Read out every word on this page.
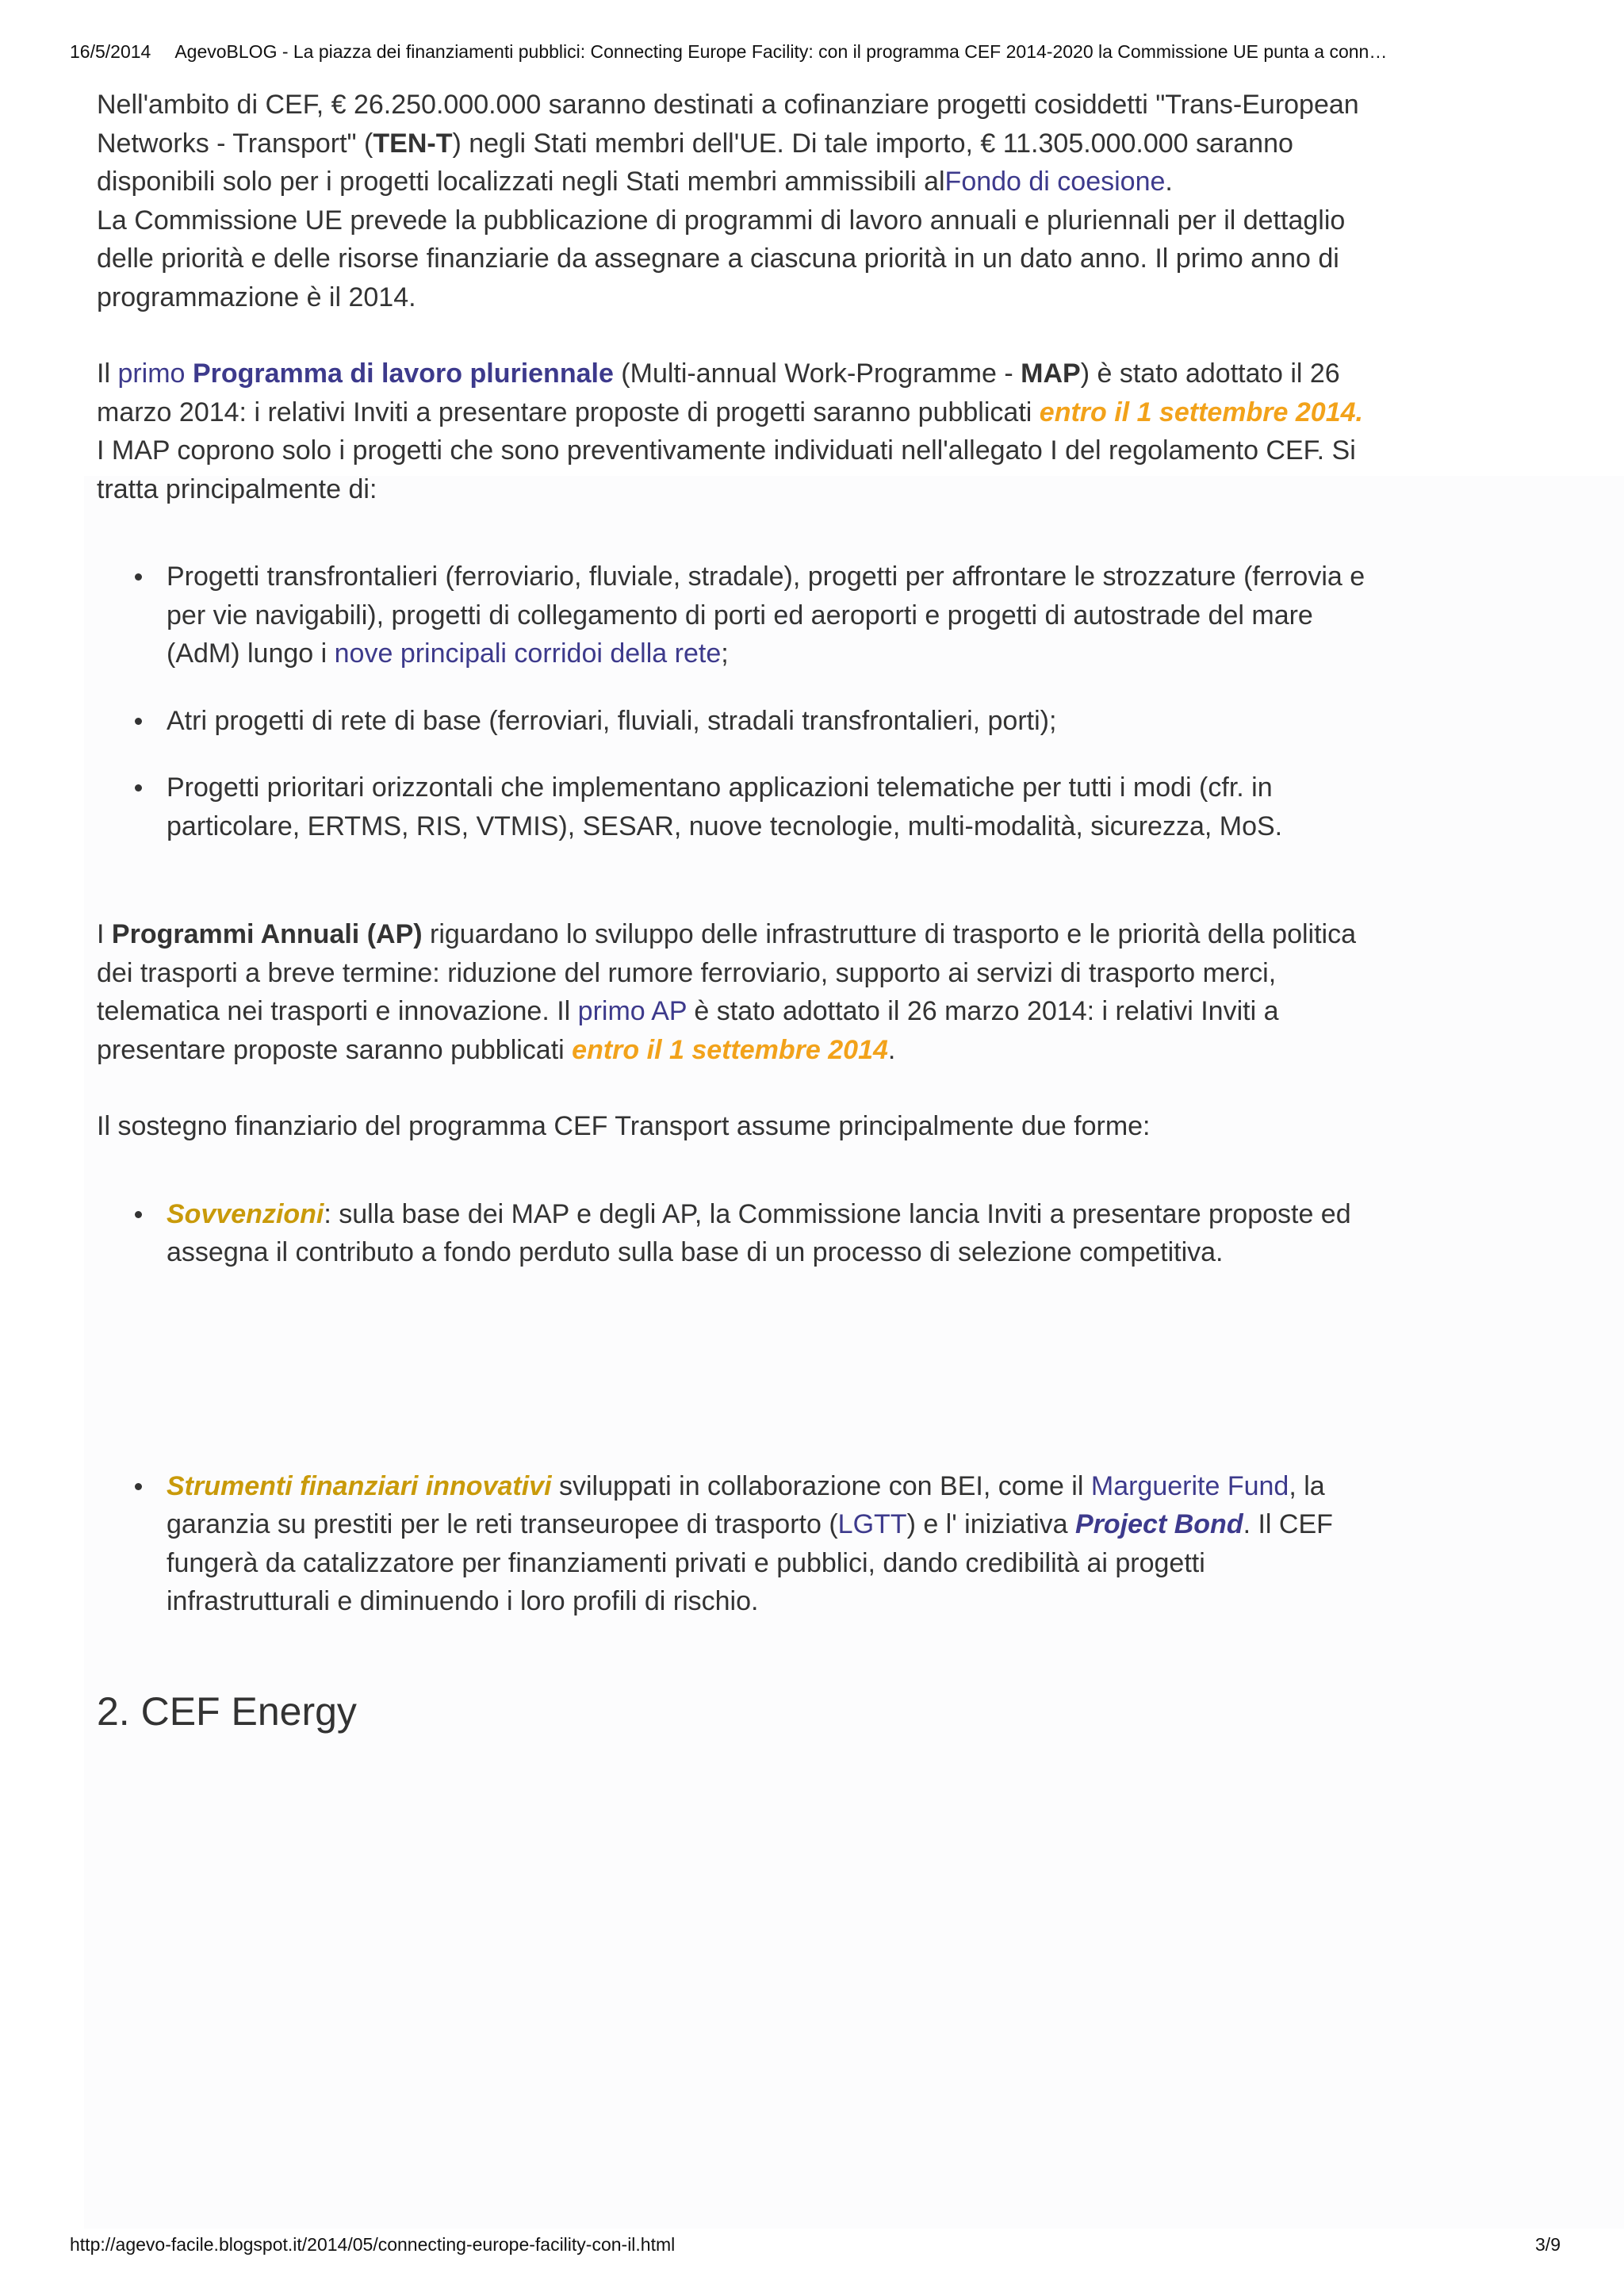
16/5/2014 AgevoBLOG - La piazza dei finanziamenti pubblici: Connecting Europe Facility: con il programma CEF 2014-2020 la Commissione UE punta a conn…

Nell'ambito di CEF, € 26.250.000.000 saranno destinati a cofinanziare progetti cosiddetti "Trans-European Networks - Transport" (TEN-T) negli Stati membri dell'UE. Di tale importo, € 11.305.000.000 saranno disponibili solo per i progetti localizzati negli Stati membri ammissibili alFondo di coesione.

La Commissione UE prevede la pubblicazione di programmi di lavoro annuali e pluriennali per il dettaglio delle priorità e delle risorse finanziarie da assegnare a ciascuna priorità in un dato anno. Il primo anno di programmazione è il 2014.

Il primo Programma di lavoro pluriennale (Multi-annual Work-Programme - MAP) è stato adottato il 26 marzo 2014: i relativi Inviti a presentare proposte di progetti saranno pubblicati entro il 1 settembre 2014.

I MAP coprono solo i progetti che sono preventivamente individuati nell'allegato I del regolamento CEF. Si tratta principalmente di:

Progetti transfrontalieri (ferroviario, fluviale, stradale), progetti per affrontare le strozzature (ferrovia e per vie navigabili), progetti di collegamento di porti ed aeroporti e progetti di autostrade del mare (AdM) lungo i nove principali corridoi della rete;
Atri progetti di rete di base (ferroviari, fluviali, stradali transfrontalieri, porti);
Progetti prioritari orizzontali che implementano applicazioni telematiche per tutti i modi (cfr. in particolare, ERTMS, RIS, VTMIS), SESAR, nuove tecnologie, multi-modalità, sicurezza, MoS.

I Programmi Annuali (AP) riguardano lo sviluppo delle infrastrutture di trasporto e le priorità della politica dei trasporti a breve termine: riduzione del rumore ferroviario, supporto ai servizi di trasporto merci, telematica nei trasporti e innovazione. Il primo AP è stato adottato il 26 marzo 2014: i relativi Inviti a presentare proposte saranno pubblicati entro il 1 settembre 2014.

Il sostegno finanziario del programma CEF Transport assume principalmente due forme:

Sovvenzioni: sulla base dei MAP e degli AP, la Commissione lancia Inviti a presentare proposte ed assegna il contributo a fondo perduto sulla base di un processo di selezione competitiva.
Strumenti finanziari innovativi sviluppati in collaborazione con BEI, come il Marguerite Fund, la garanzia su prestiti per le reti transeuropee di trasporto (LGTT) e l' iniziativa Project Bond. Il CEF fungerà da catalizzatore per finanziamenti privati e pubblici, dando credibilità ai progetti infrastrutturali e diminuendo i loro profili di rischio.
2. CEF Energy
http://agevo-facile.blogspot.it/2014/05/connecting-europe-facility-con-il.html	3/9
